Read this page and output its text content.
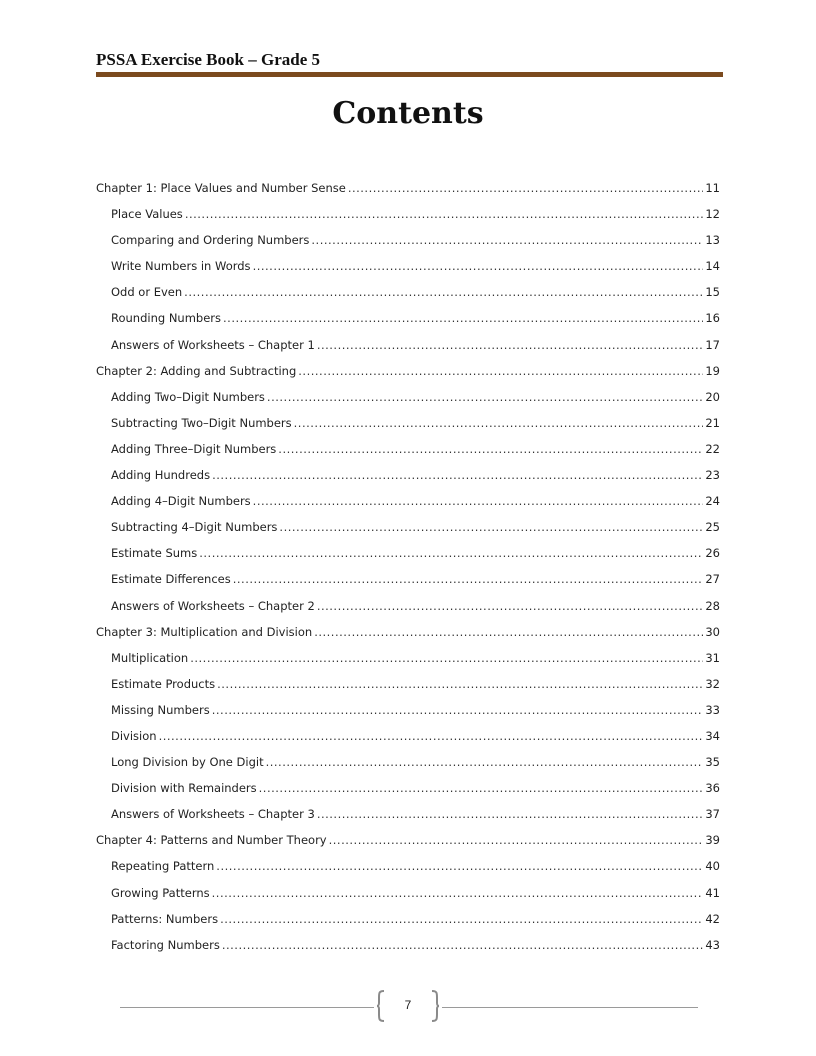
PSSA Exercise Book – Grade 5
Contents
Chapter 1: Place Values and Number Sense .....	11
Place Values .....	12
Comparing and Ordering Numbers .....	13
Write Numbers in Words .....	14
Odd or Even .....	15
Rounding Numbers .....	16
Answers of Worksheets – Chapter 1 .....	17
Chapter 2: Adding and Subtracting .....	19
Adding Two–Digit Numbers .....	20
Subtracting Two–Digit Numbers .....	21
Adding Three–Digit Numbers .....	22
Adding Hundreds .....	23
Adding 4–Digit Numbers .....	24
Subtracting 4–Digit Numbers .....	25
Estimate Sums .....	26
Estimate Differences .....	27
Answers of Worksheets – Chapter 2 .....	28
Chapter 3: Multiplication and Division .....	30
Multiplication .....	31
Estimate Products .....	32
Missing Numbers .....	33
Division .....	34
Long Division by One Digit .....	35
Division with Remainders .....	36
Answers of Worksheets – Chapter 3 .....	37
Chapter 4: Patterns and Number Theory .....	39
Repeating Pattern .....	40
Growing Patterns .....	41
Patterns: Numbers .....	42
Factoring Numbers .....	43
7
